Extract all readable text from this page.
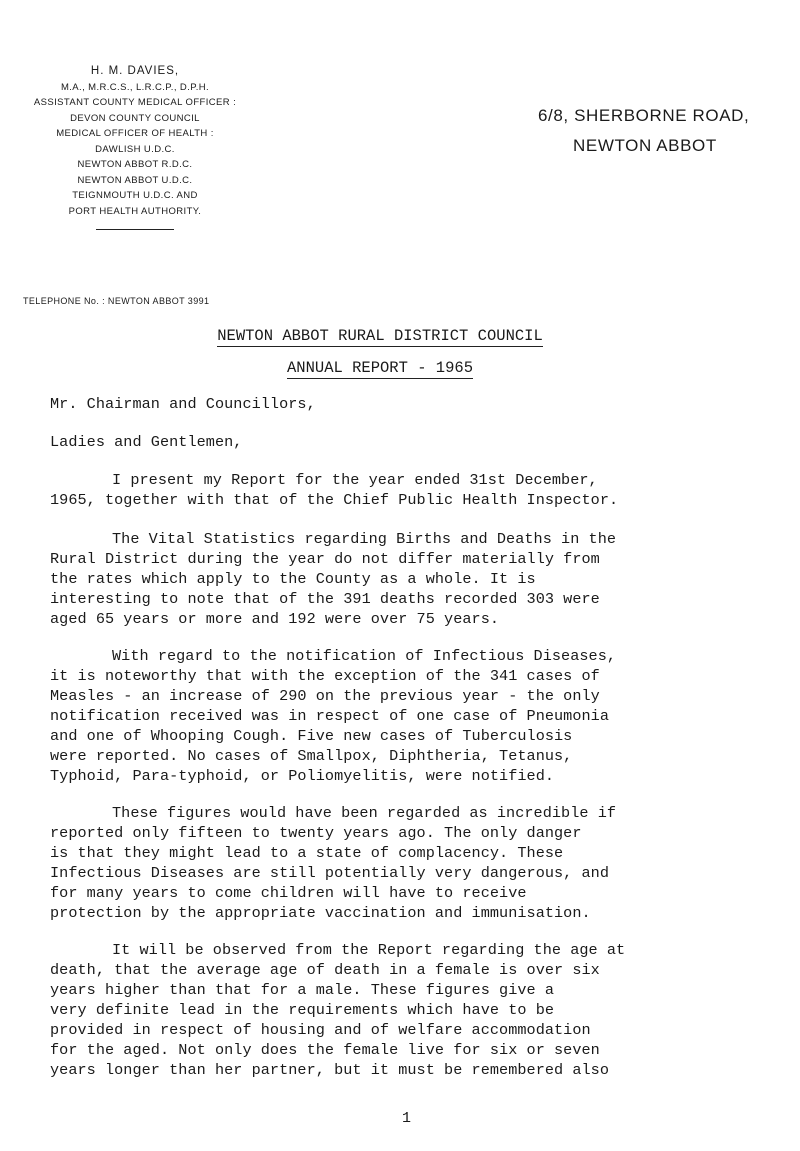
H. M. DAVIES,
M.A., M.R.C.S., L.R.C.P., D.P.H.
ASSISTANT COUNTY MEDICAL OFFICER :
DEVON COUNTY COUNCIL
MEDICAL OFFICER OF HEALTH :
DAWLISH U.D.C.
NEWTON ABBOT R.D.C.
NEWTON ABBOT U.D.C.
TEIGNMOUTH U.D.C. AND
PORT HEALTH AUTHORITY.
6/8, SHERBORNE ROAD,
NEWTON ABBOT
TELEPHONE No. : NEWTON ABBOT 3991
NEWTON ABBOT RURAL DISTRICT COUNCIL
ANNUAL REPORT - 1965
Mr. Chairman and Councillors,
Ladies and Gentlemen,
I present my Report for the year ended 31st December,
1965, together with that of the Chief Public Health Inspector.
The Vital Statistics regarding Births and Deaths in the
Rural District during the year do not differ materially from
the rates which apply to the County as a whole. It is
interesting to note that of the 391 deaths recorded 303 were
aged 65 years or more and 192 were over 75 years.
With regard to the notification of Infectious Diseases,
it is noteworthy that with the exception of the 341 cases of
Measles - an increase of 290 on the previous year - the only
notification received was in respect of one case of Pneumonia
and one of Whooping Cough. Five new cases of Tuberculosis
were reported. No cases of Smallpox, Diphtheria, Tetanus,
Typhoid, Para-typhoid, or Poliomyelitis, were notified.
These figures would have been regarded as incredible if
reported only fifteen to twenty years ago. The only danger
is that they might lead to a state of complacency. These
Infectious Diseases are still potentially very dangerous, and
for many years to come children will have to receive
protection by the appropriate vaccination and immunisation.
It will be observed from the Report regarding the age at
death, that the average age of death in a female is over six
years higher than that for a male. These figures give a
very definite lead in the requirements which have to be
provided in respect of housing and of welfare accommodation
for the aged. Not only does the female live for six or seven
years longer than her partner, but it must be remembered also
1
